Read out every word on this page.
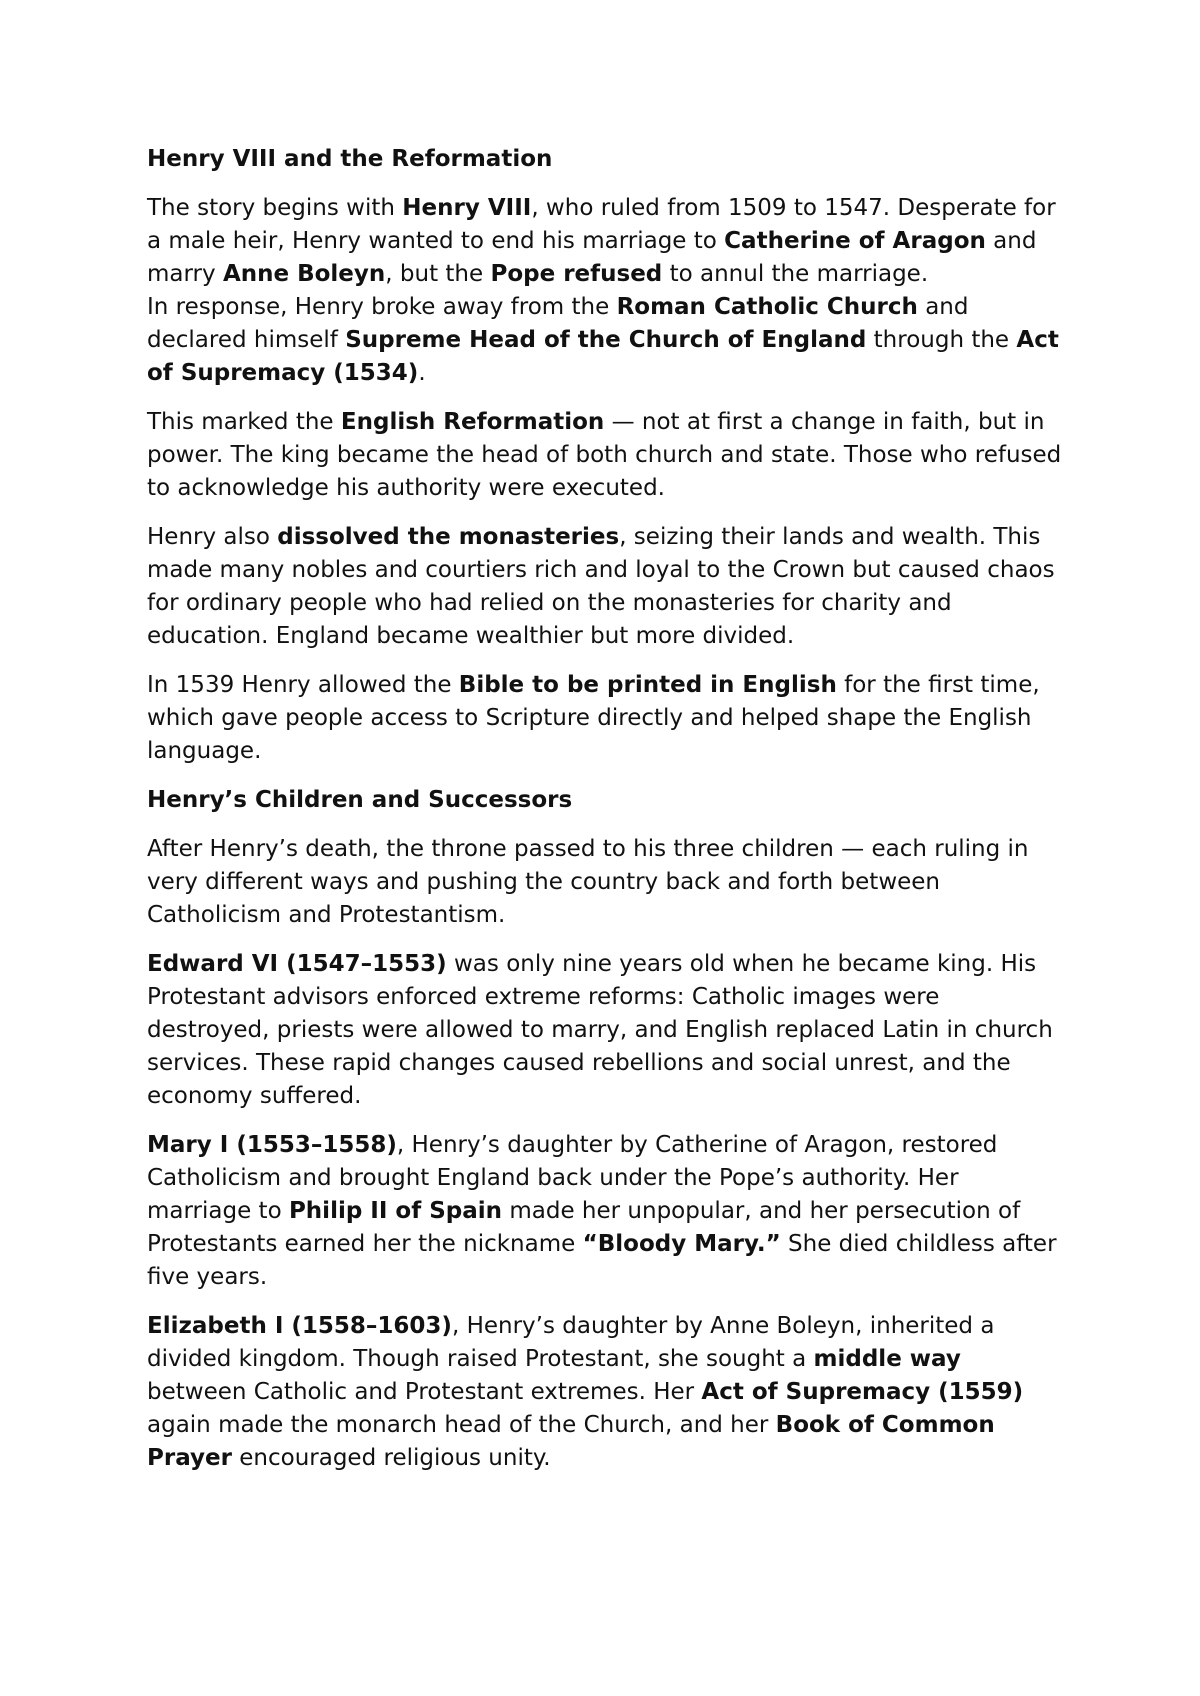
Henry VIII and the Reformation
The story begins with Henry VIII, who ruled from 1509 to 1547. Desperate for a male heir, Henry wanted to end his marriage to Catherine of Aragon and marry Anne Boleyn, but the Pope refused to annul the marriage.
In response, Henry broke away from the Roman Catholic Church and declared himself Supreme Head of the Church of England through the Act of Supremacy (1534).
This marked the English Reformation — not at first a change in faith, but in power. The king became the head of both church and state. Those who refused to acknowledge his authority were executed.
Henry also dissolved the monasteries, seizing their lands and wealth. This made many nobles and courtiers rich and loyal to the Crown but caused chaos for ordinary people who had relied on the monasteries for charity and education. England became wealthier but more divided.
In 1539 Henry allowed the Bible to be printed in English for the first time, which gave people access to Scripture directly and helped shape the English language.
Henry’s Children and Successors
After Henry’s death, the throne passed to his three children — each ruling in very different ways and pushing the country back and forth between Catholicism and Protestantism.
Edward VI (1547–1553) was only nine years old when he became king. His Protestant advisors enforced extreme reforms: Catholic images were destroyed, priests were allowed to marry, and English replaced Latin in church services. These rapid changes caused rebellions and social unrest, and the economy suffered.
Mary I (1553–1558), Henry’s daughter by Catherine of Aragon, restored Catholicism and brought England back under the Pope’s authority. Her marriage to Philip II of Spain made her unpopular, and her persecution of Protestants earned her the nickname “Bloody Mary.” She died childless after five years.
Elizabeth I (1558–1603), Henry’s daughter by Anne Boleyn, inherited a divided kingdom. Though raised Protestant, she sought a middle way between Catholic and Protestant extremes. Her Act of Supremacy (1559) again made the monarch head of the Church, and her Book of Common Prayer encouraged religious unity.
